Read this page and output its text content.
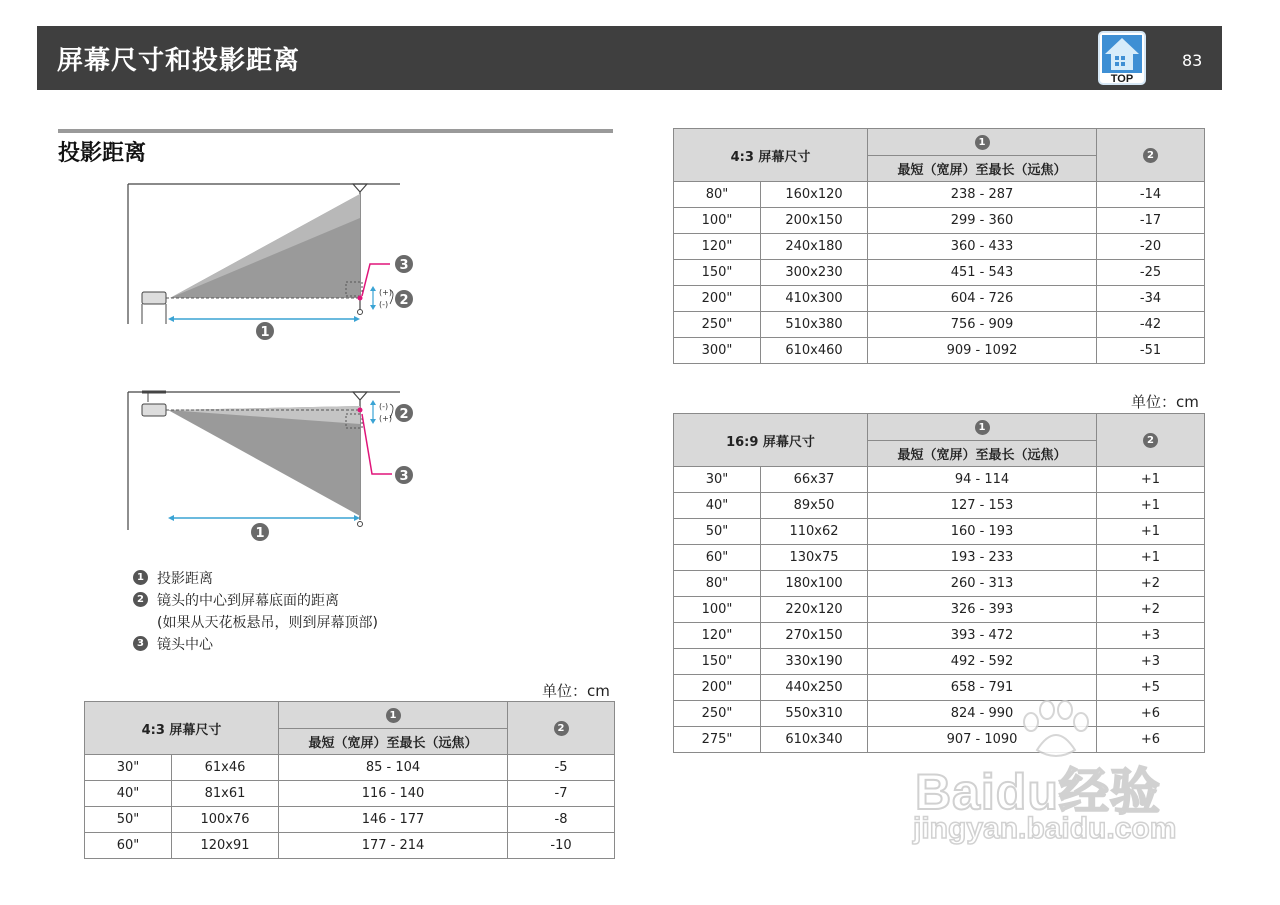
屏幕尺寸和投影距离
TOP
83
投影距离
(+)
(-)
3
2
1
(-)
(+) 2
3
1
1 投影距离
2 镜头的中心到屏幕底面的距离
(如果从天花板悬吊，则到屏幕顶部)
3 镜头中心
单位：cm
单位：cm
4:3 屏幕尺寸		1	2
		最短（宽屏）至最长（远焦）	
30"	61x46	85 - 104	-5
40"	81x61	116 - 140	-7
50"	100x76	146 - 177	-8
60"	120x91	177 - 214	-10
4:3 屏幕尺寸		1	2
		最短（宽屏）至最长（远焦）	
80"	160x120	238 - 287	-14
100"	200x150	299 - 360	-17
120"	240x180	360 - 433	-20
150"	300x230	451 - 543	-25
200"	410x300	604 - 726	-34
250"	510x380	756 - 909	-42
300"	610x460	909 - 1092	-51
16:9 屏幕尺寸		1	2
		最短（宽屏）至最长（远焦）	
30"	66x37	94 - 114	+1
40"	89x50	127 - 153	+1
50"	110x62	160 - 193	+1
60"	130x75	193 - 233	+1
80"	180x100	260 - 313	+2
100"	220x120	326 - 393	+2
120"	270x150	393 - 472	+3
150"	330x190	492 - 592	+3
200"	440x250	658 - 791	+5
250"	550x310	824 - 990	+6
275"	610x340	907 - 1090	+6
Baidu经验
jingyan.baidu.com
